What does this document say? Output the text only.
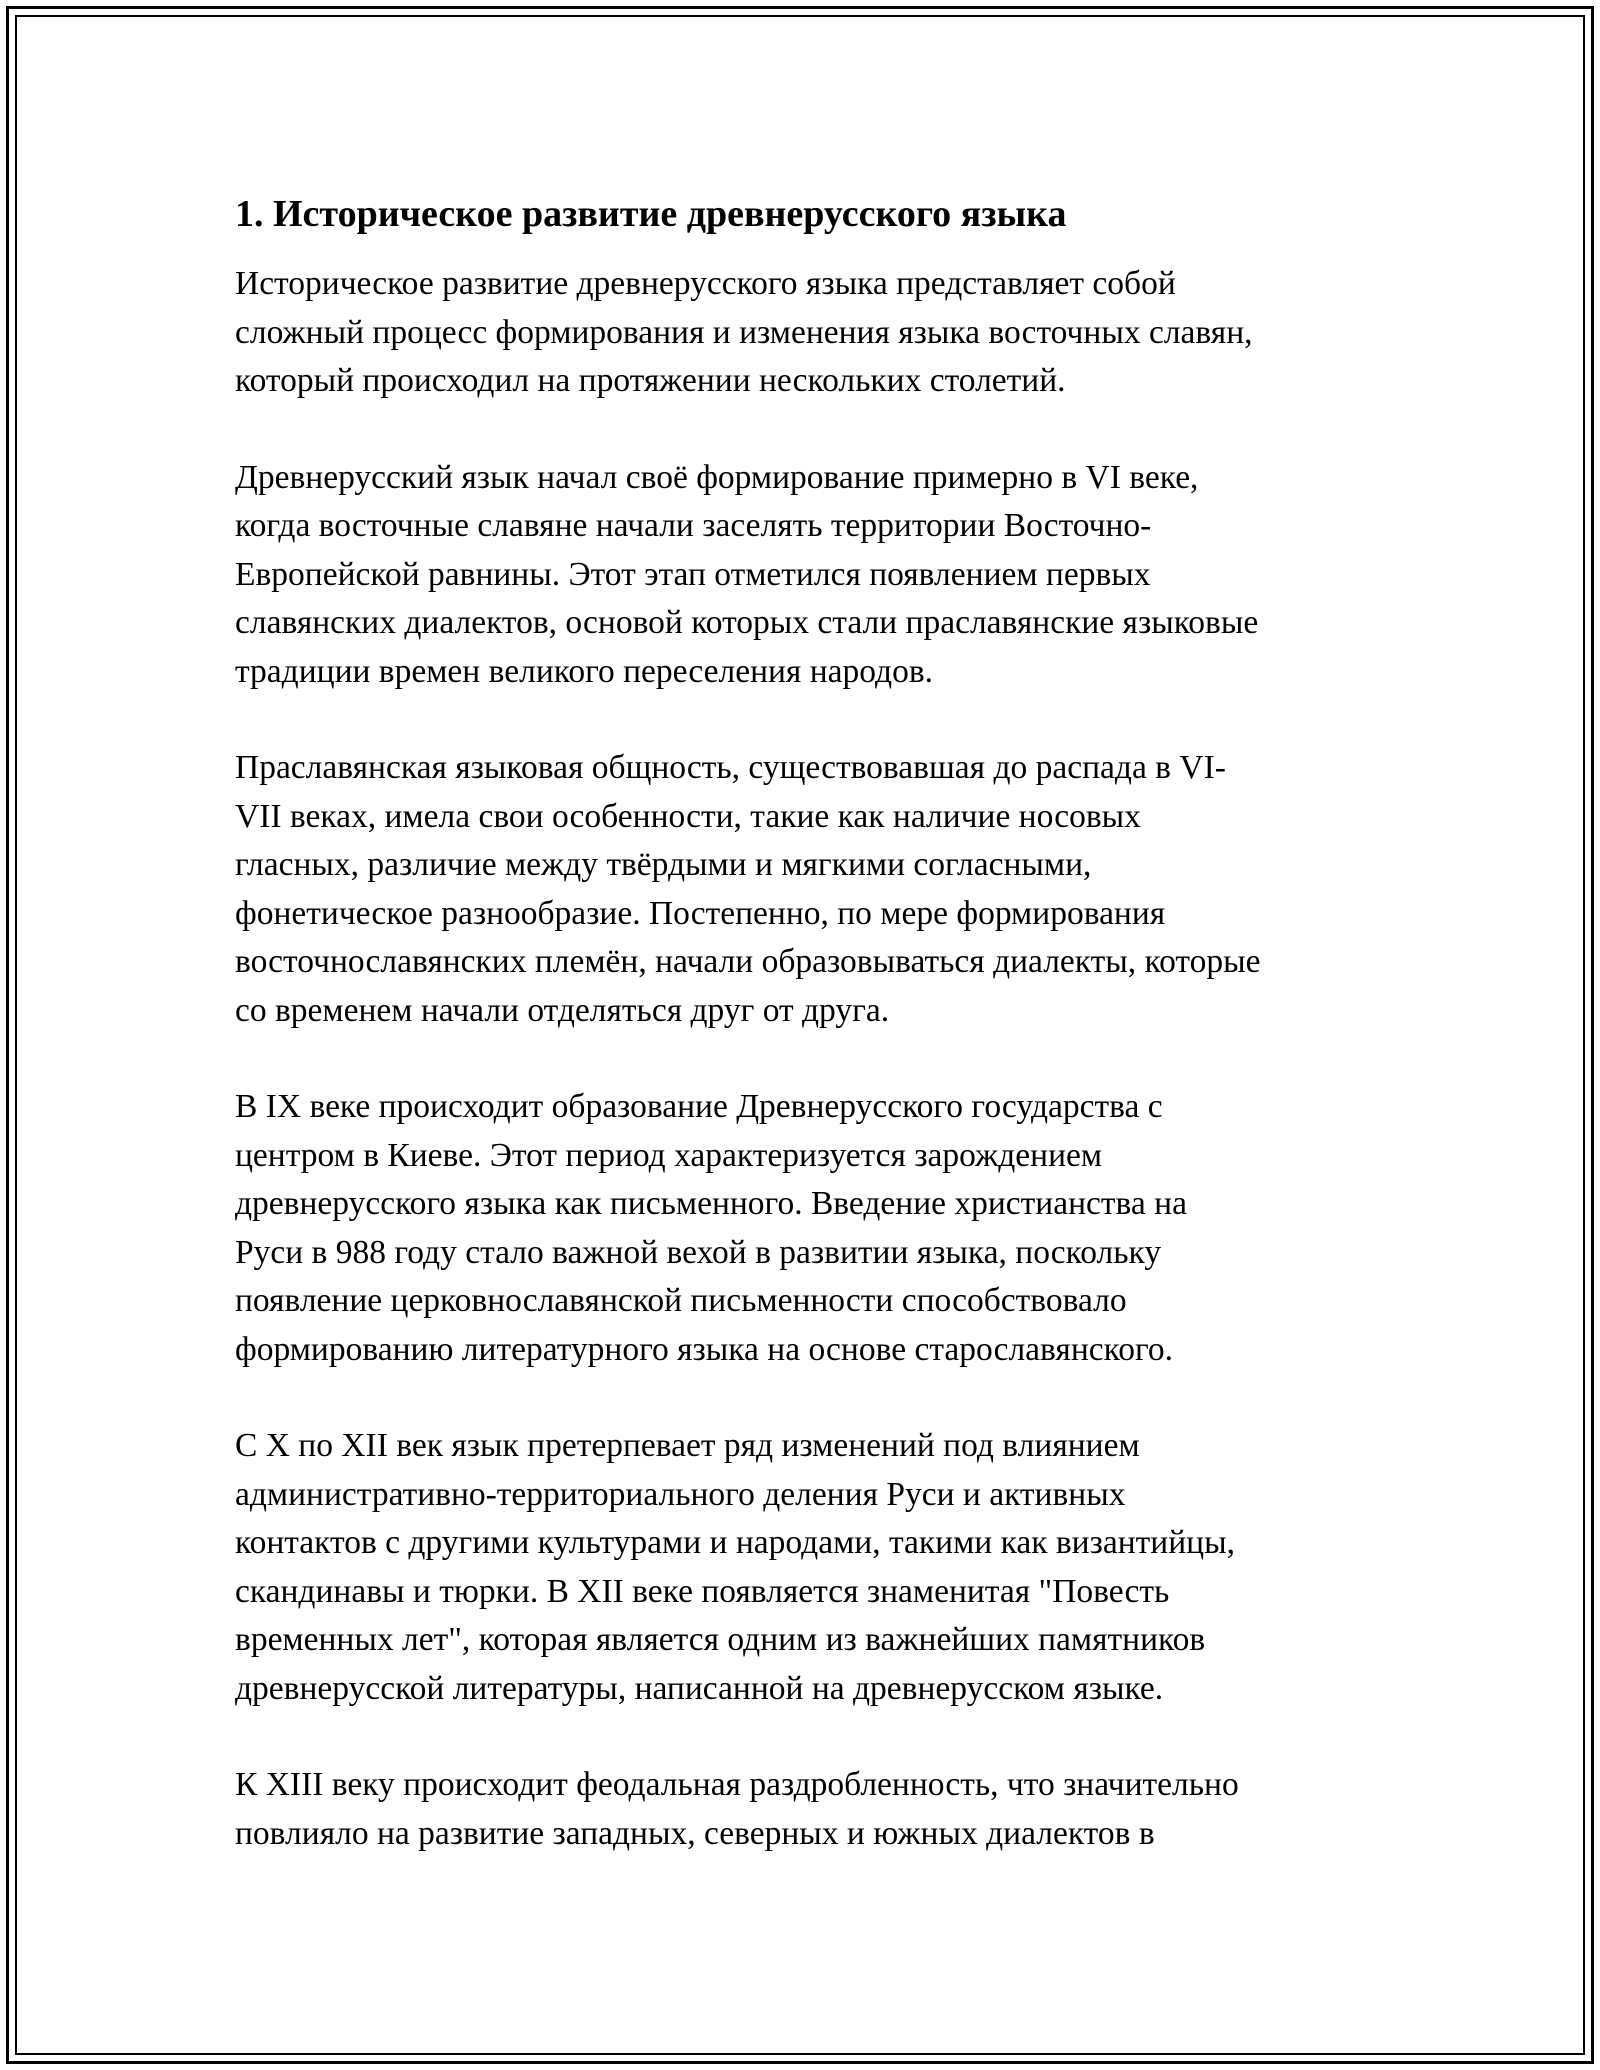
1. Историческое развитие древнерусского языка
Историческое развитие древнерусского языка представляет собой
сложный процесс формирования и изменения языка восточных славян,
который происходил на протяжении нескольких столетий.
Древнерусский язык начал своё формирование примерно в VI веке,
когда восточные славяне начали заселять территории Восточно-
Европейской равнины. Этот этап отметился появлением первых
славянских диалектов, основой которых стали праславянские языковые
традиции времен великого переселения народов.
Праславянская языковая общность, существовавшая до распада в VI-
VII веках, имела свои особенности, такие как наличие носовых
гласных, различие между твёрдыми и мягкими согласными,
фонетическое разнообразие. Постепенно, по мере формирования
восточнославянских племён, начали образовываться диалекты, которые
со временем начали отделяться друг от друга.
В IX веке происходит образование Древнерусского государства с
центром в Киеве. Этот период характеризуется зарождением
древнерусского языка как письменного. Введение христианства на
Руси в 988 году стало важной вехой в развитии языка, поскольку
появление церковнославянской письменности способствовало
формированию литературного языка на основе старославянского.
С X по XII век язык претерпевает ряд изменений под влиянием
административно-территориального деления Руси и активных
контактов с другими культурами и народами, такими как византийцы,
скандинавы и тюрки. В XII веке появляется знаменитая "Повесть
временных лет", которая является одним из важнейших памятников
древнерусской литературы, написанной на древнерусском языке.
К XIII веку происходит феодальная раздробленность, что значительно
повлияло на развитие западных, северных и южных диалектов в
